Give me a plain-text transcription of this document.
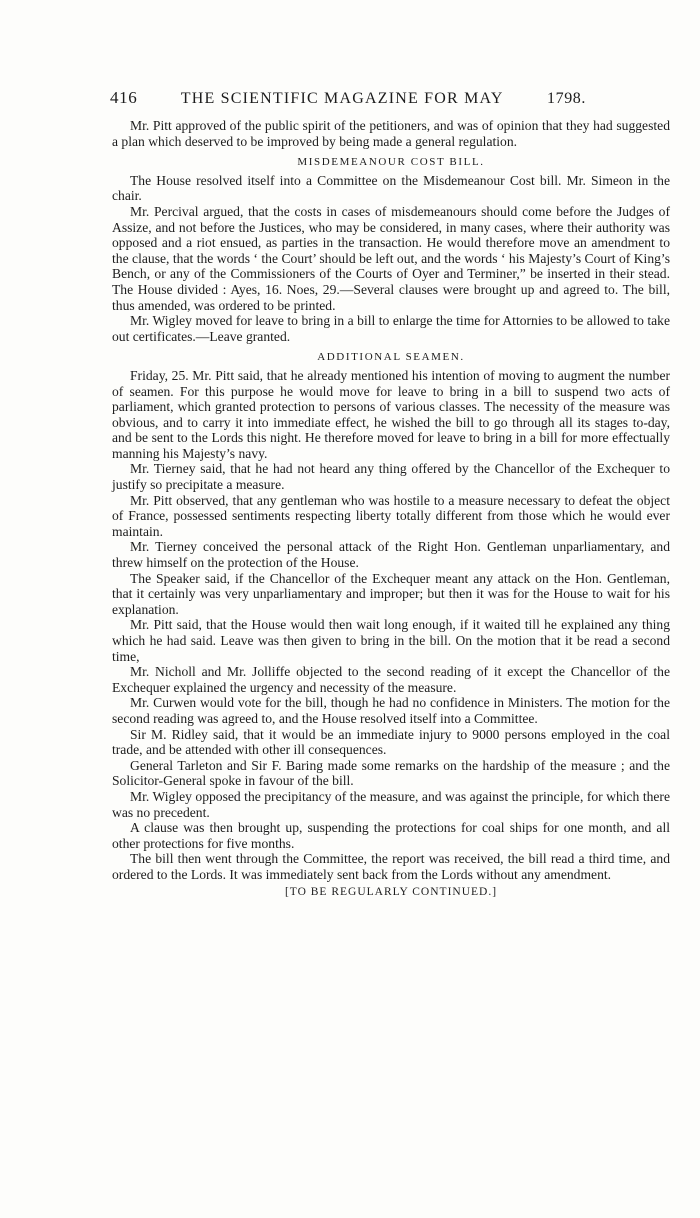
416	THE SCIENTIFIC MAGAZINE FOR MAY	1798.

Mr. Pitt approved of the public spirit of the petitioners, and was of opinion that they had suggested a plan which deserved to be improved by being made a general regulation.

MISDEMEANOUR COST BILL.

The House resolved itself into a Committee on the Misdemeanour Cost bill. Mr. Simeon in the chair.

Mr. Percival argued, that the costs in cases of misdemeanours should come before the Judges of Assize, and not before the Justices, who may be considered, in many cases, where their authority was opposed and a riot ensued, as parties in the transaction. He would therefore move an amendment to the clause, that the words ‘ the Court’ should be left out, and the words ‘ his Majesty’s Court of King’s Bench, or any of the Commissioners of the Courts of Oyer and Terminer,” be inserted in their stead. The House divided : Ayes, 16. Noes, 29.—Several clauses were brought up and agreed to. The bill, thus amended, was ordered to be printed.

Mr. Wigley moved for leave to bring in a bill to enlarge the time for Attornies to be allowed to take out certificates.—Leave granted.

ADDITIONAL SEAMEN.

Friday, 25. Mr. Pitt said, that he already mentioned his intention of moving to augment the number of seamen. For this purpose he would move for leave to bring in a bill to suspend two acts of parliament, which granted protection to persons of various classes. The necessity of the measure was obvious, and to carry it into immediate effect, he wished the bill to go through all its stages to-day, and be sent to the Lords this night. He therefore moved for leave to bring in a bill for more effectually manning his Majesty’s navy.

Mr. Tierney said, that he had not heard any thing offered by the Chancellor of the Exchequer to justify so precipitate a measure.

Mr. Pitt observed, that any gentleman who was hostile to a measure necessary to defeat the object of France, possessed sentiments respecting liberty totally different from those which he would ever maintain.

Mr. Tierney conceived the personal attack of the Right Hon. Gentleman unparliamentary, and threw himself on the protection of the House.

The Speaker said, if the Chancellor of the Exchequer meant any attack on the Hon. Gentleman, that it certainly was very unparliamentary and improper; but then it was for the House to wait for his explanation.

Mr. Pitt said, that the House would then wait long enough, if it waited till he explained any thing which he had said. Leave was then given to bring in the bill. On the motion that it be read a second time,

Mr. Nicholl and Mr. Jolliffe objected to the second reading of it except the Chancellor of the Exchequer explained the urgency and necessity of the measure.

Mr. Curwen would vote for the bill, though he had no confidence in Ministers. The motion for the second reading was agreed to, and the House resolved itself into a Committee.

Sir M. Ridley said, that it would be an immediate injury to 9000 persons employed in the coal trade, and be attended with other ill consequences.

General Tarleton and Sir F. Baring made some remarks on the hardship of the measure ; and the Solicitor-General spoke in favour of the bill.

Mr. Wigley opposed the precipitancy of the measure, and was against the principle, for which there was no precedent.

A clause was then brought up, suspending the protections for coal ships for one month, and all other protections for five months.

The bill then went through the Committee, the report was received, the bill read a third time, and ordered to the Lords. It was immediately sent back from the Lords without any amendment.

[TO BE REGULARLY CONTINUED.]
